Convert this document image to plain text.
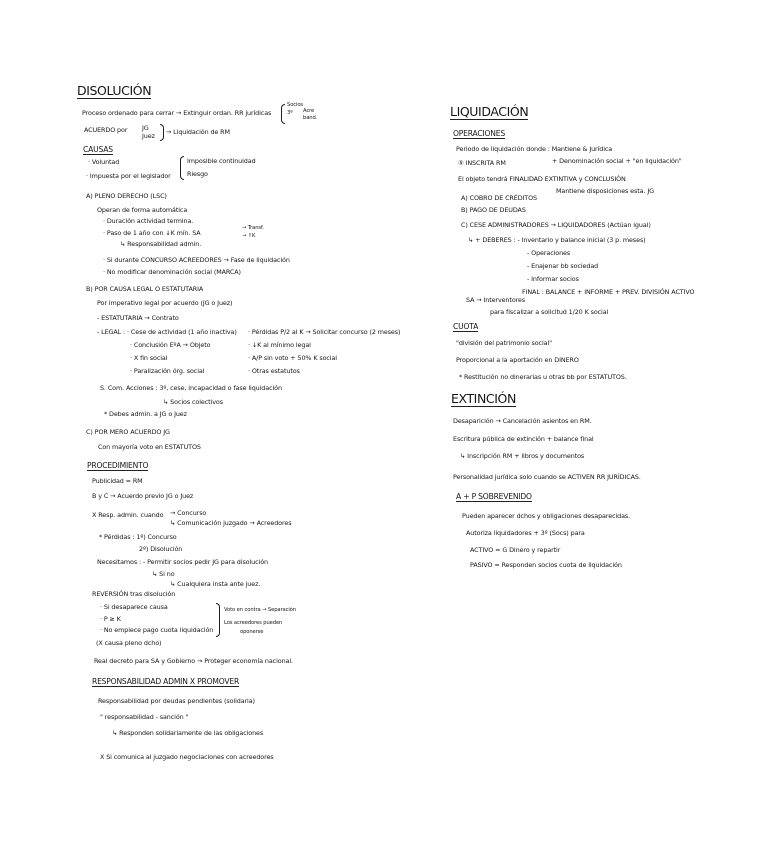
DISOLUCIÓN
Proceso ordenado para cerrar → Extinguir ordan. RR jurídicas
Socios
3º Acre
band.
ACUERDO por JG
Juez → Liquidación de RM
CAUSAS
· Voluntad
· Impuesta por el legislador
Imposible continuidad
Riesgo
A) PLENO DERECHO (LSC)
Operan de forma automática
· Duración actividad termina.
· Paso de 1 año con ↓K mín. SA
→ Transf.
→ ↑K
↳ Responsabilidad admin.
· Si durante CONCURSO ACREEDORES → Fase de liquidación
· No modificar denominación social (MARCA)
B) POR CAUSA LEGAL O ESTATUTARIA
Por imperativo legal por acuerdo (JG o Juez)
- ESTATUTARIA → Contrato
- LEGAL : · Cese de actividad (1 año inactiva) · Pérdidas P/2 al K → Solicitar concurso (2 meses)
· Conclusión EºA → Objeto	· ↓K al mínimo legal
· X fin social	· A/P sin voto + 50% K social
· Paralización órg. social	· Otras estatutos
S. Com. Acciones : 3º, cese, incapacidad o fase liquidación
↳ Socios colectivos
* Debes admin. a JG o Juez
C) POR MERO ACUERDO JG
Con mayoría voto en ESTATUTOS
PROCEDIMIENTO
Publicidad = RM
B y C → Acuerdo previo JG o Juez
X Resp. admin. cuando → Concurso
↳ Comunicación juzgado → Acreedores
* Pérdidas : 1º) Concurso
2º) Disolución
Necesitamos : - Permitir socios pedir JG para disolución
↳ Si no
↳ Cualquiera insta ante juez.
REVERSIÓN tras disolución
· Si desaparece causa
· P ≥ K
· No empiece pago cuota liquidación
Voto en contra → Separación
Los acreedores pueden
oponerse
(X causa pleno dcho)
Real decreto para SA y Gobierno → Proteger economía nacional.
RESPONSABILIDAD ADMIN X PROMOVER
Responsabilidad por deudas pendientes (solidaria)
" responsabilidad - sanción "
↳ Responden solidariamente de las obligaciones
X Si comunica al juzgado negociaciones con acreedores
LIQUIDACIÓN
OPERACIONES
Periodo de liquidación donde : Mantiene & Jurídica
⑤ INSCRITA RM	+ Denominación social + "en liquidación"
El objeto tendrá FINALIDAD EXTINTIVA y CONCLUSIÓN
Mantiene disposiciones esta. JG
A) COBRO DE CRÉDITOS
B) PAGO DE DEUDAS
C) CESE ADMINISTRADORES → LIQUIDADORES (Actúan igual)
↳ + DEBERES : - Inventario y balance inicial (3 p. meses)
- Operaciones
- Enajenar bb sociedad
- Informar socios
FINAL : BALANCE + INFORME + PREV. DIVISIÓN ACTIVO
SA → Interventores
para fiscalizar a solicitud 1/20 K social
CUOTA
"división del patrimonio social"
Proporcional a la aportación en DINERO
* Restitución no dinerarias u otras bb por ESTATUTOS.
EXTINCIÓN
Desaparición → Cancelación asientos en RM.
Escritura pública de extinción + balance final
↳ Inscripción RM + libros y documentos
Personalidad jurídica solo cuando se ACTIVEN RR JURÍDICAS.
A + P SOBREVENIDO
Pueden aparecer dchos y obligaciones desaparecidas.
Autoriza liquidadores + 3º (Socs) para
ACTIVO = G Dinero y repartir
PASIVO = Responden socios cuota de liquidación
